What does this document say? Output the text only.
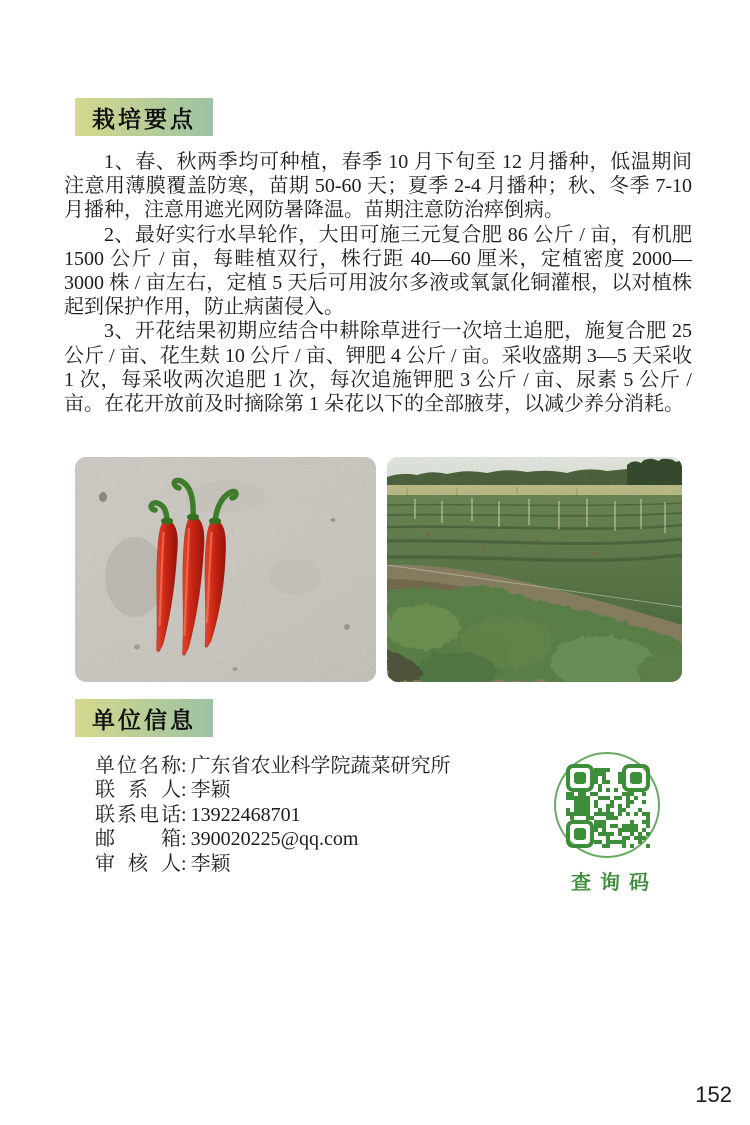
栽培要点

1、春、秋两季均可种植，春季 10 月下旬至 12 月播种，低温期间注意用薄膜覆盖防寒，苗期 50-60 天；夏季 2-4 月播种；秋、冬季 7-10 月播种，注意用遮光网防暑降温。苗期注意防治瘁倒病。

2、最好实行水旱轮作，大田可施三元复合肥 86 公斤 / 亩，有机肥 1500 公斤 / 亩，每畦植双行，株行距 40—60 厘米，定植密度 2000—3000 株 / 亩左右，定植 5 天后可用波尔多液或氧氯化铜灌根，以对植株起到保护作用，防止病菌侵入。

3、开花结果初期应结合中耕除草进行一次培土追肥，施复合肥 25 公斤 / 亩、花生麸 10 公斤 / 亩、钾肥 4 公斤 / 亩。采收盛期 3—5 天采收 1 次，每采收两次追肥 1 次，每次追施钾肥 3 公斤 / 亩、尿素 5 公斤 / 亩。在花开放前及时摘除第 1 朵花以下的全部腋芽，以减少养分消耗。

单位信息
单位名称: 广东省农业科学院蔬菜研究所
联系人: 李颖
联系电话: 13922468701
邮箱: 390020225@qq.com
审核人: 李颖
查询码
152
